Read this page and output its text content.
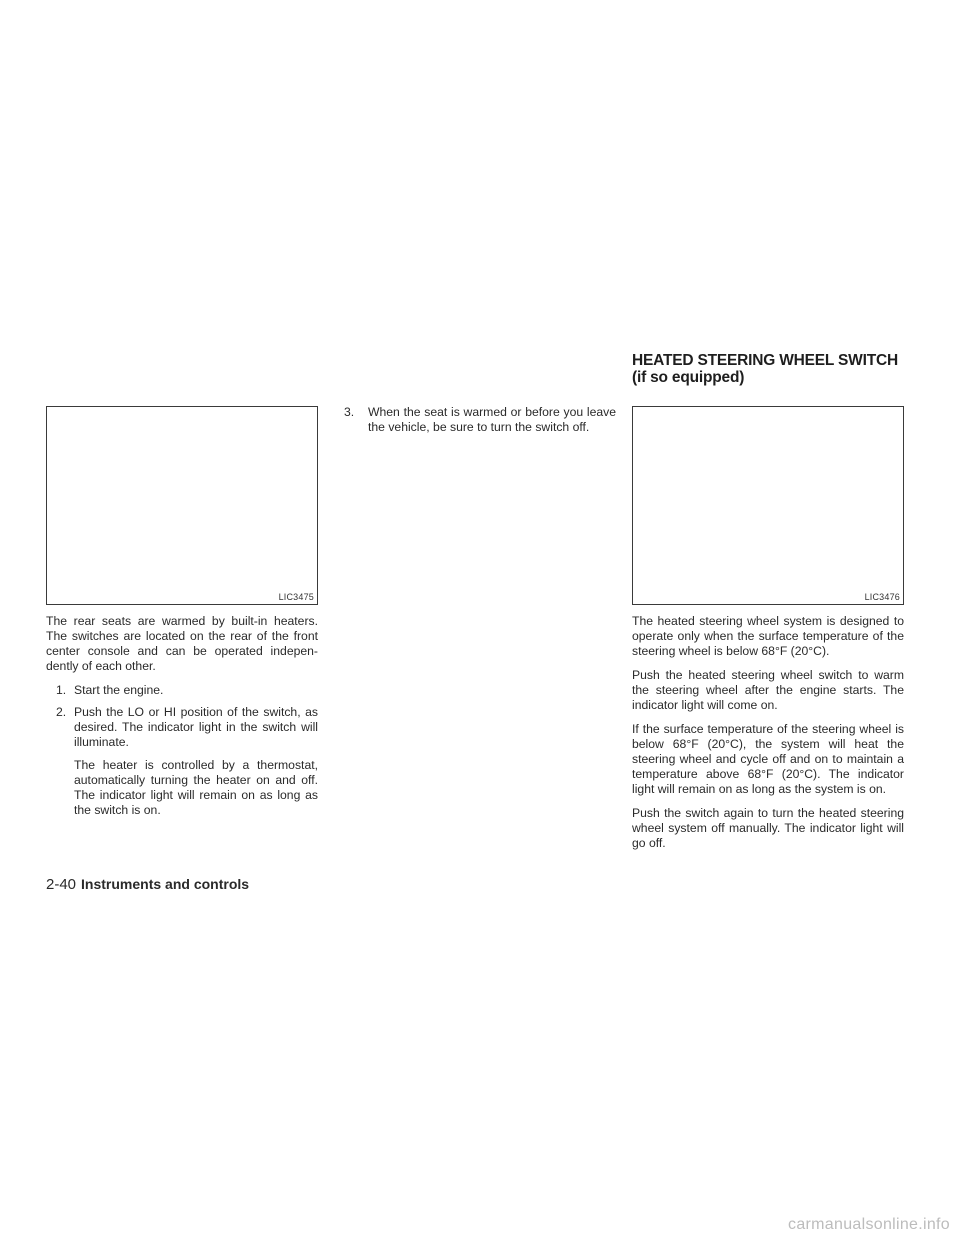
HEATED STEERING WHEEL SWITCH
(if so equipped)
LIC3475

The rear seats are warmed by built-in heaters. The switches are located on the rear of the front center console and can be operated indepen-dently of each other.

1. Start the engine.
2. Push the LO or HI position of the switch, as desired. The indicator light in the switch will illuminate.
The heater is controlled by a thermostat, automatically turning the heater on and off. The indicator light will remain on as long as the switch is on.
3. When the seat is warmed or before you leave the vehicle, be sure to turn the switch off.
LIC3476

The heated steering wheel system is designed to operate only when the surface temperature of the steering wheel is below 68°F (20°C).

Push the heated steering wheel switch to warm the steering wheel after the engine starts. The indicator light will come on.

If the surface temperature of the steering wheel is below 68°F (20°C), the system will heat the steering wheel and cycle off and on to maintain a temperature above 68°F (20°C). The indicator light will remain on as long as the system is on.

Push the switch again to turn the heated steering wheel system off manually. The indicator light will go off.

2-40 Instruments and controls
carmanualsonline.info
